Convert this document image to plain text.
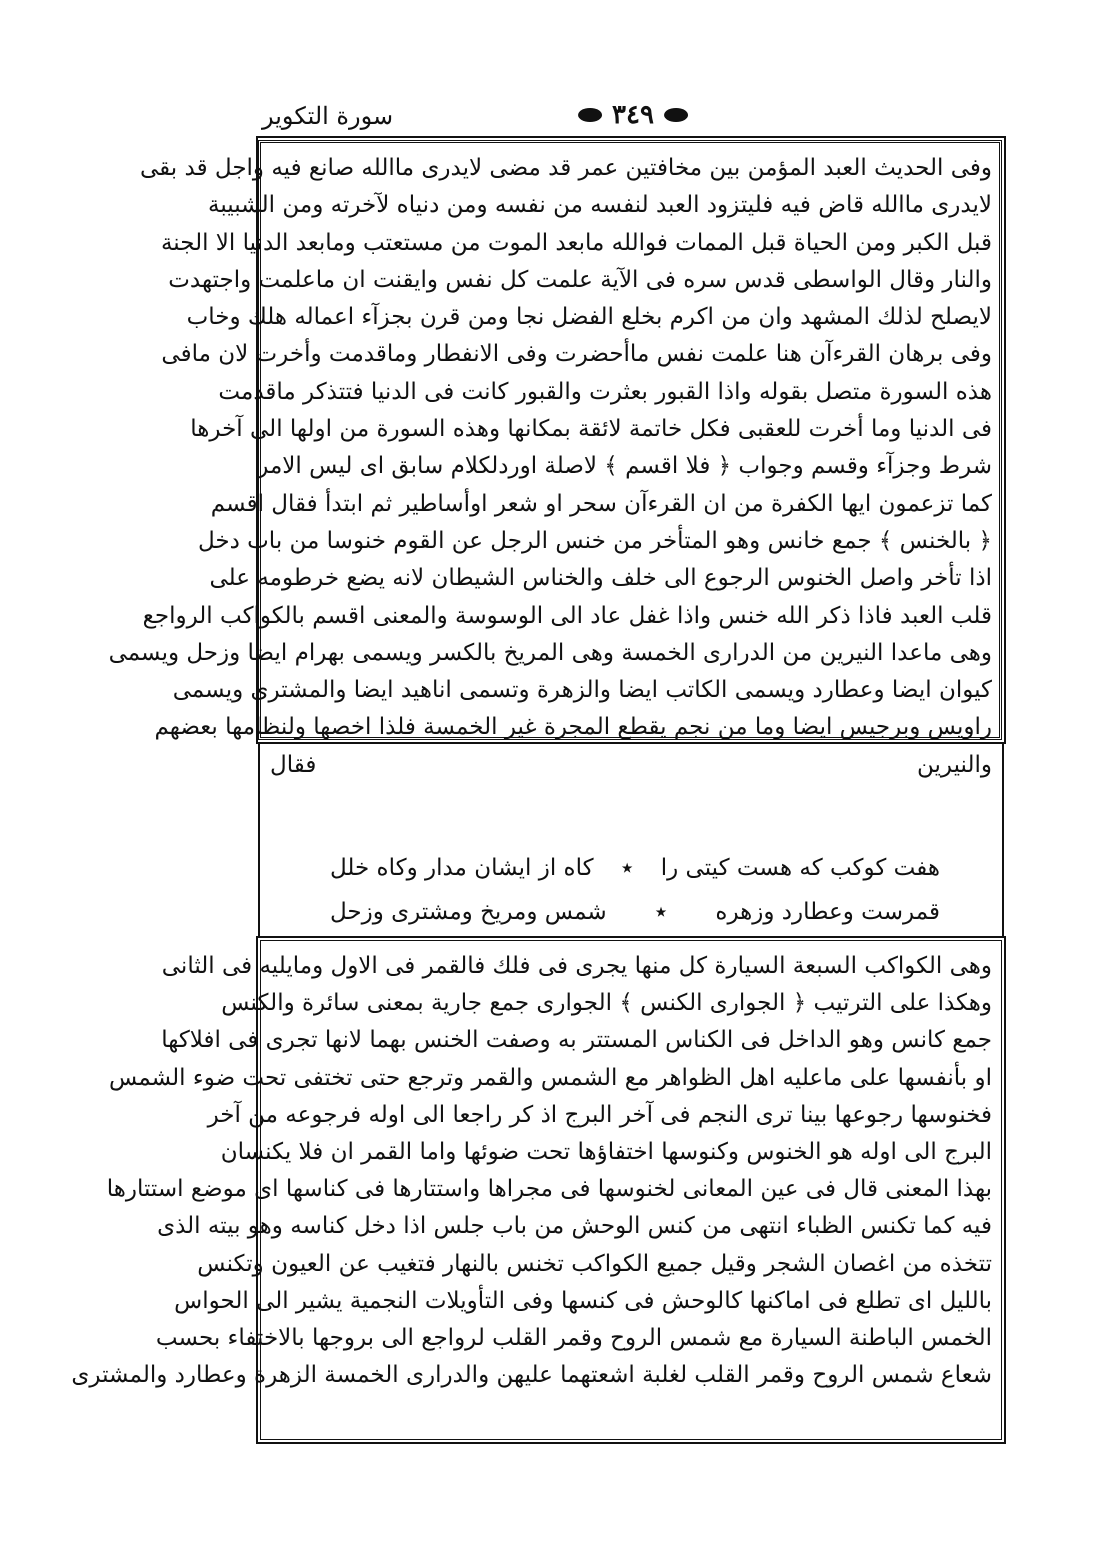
سورة التكوير	٣٤٩
وفى الحديث العبد المؤمن بين مخافتين عمر قد مضى لايدرى ماالله صانع فيه واجل قد بقى
لايدرى ماالله قاض فيه فليتزود العبد لنفسه من نفسه ومن دنياه لآخرته ومن الشبيبة
قبل الكبر ومن الحياة قبل الممات فوالله مابعد الموت من مستعتب ومابعد الدنيا الا الجنة
والنار وقال الواسطى قدس سره فى الآية علمت كل نفس وايقنت ان ماعلمت واجتهدت
لايصلح لذلك المشهد وان من اكرم بخلع الفضل نجا ومن قرن بجزآء اعماله هلك وخاب
وفى برهان القرءآن هنا علمت نفس ماأحضرت وفى الانفطار وماقدمت وأخرت لان مافى
هذه السورة متصل بقوله واذا القبور بعثرت والقبور كانت فى الدنيا فتتذكر ماقدمت
فى الدنيا وما أخرت للعقبى فكل خاتمة لائقة بمكانها وهذه السورة من اولها الى آخرها
شرط وجزآء وقسم وجواب ﴿ فلا اقسم ﴾ لاصلة اوردلكلام سابق اى ليس الامر
كما تزعمون ايها الكفرة من ان القرءآن سحر او شعر اوأساطير ثم ابتدأ فقال اقسم
﴿ بالخنس ﴾ جمع خانس وهو المتأخر من خنس الرجل عن القوم خنوسا من باب دخل
اذا تأخر واصل الخنوس الرجوع الى خلف والخناس الشيطان لانه يضع خرطومه على
قلب العبد فاذا ذكر الله خنس واذا غفل عاد الى الوسوسة والمعنى اقسم بالكواكب الرواجع
وهى ماعدا النيرين من الدرارى الخمسة وهى المريخ بالكسر ويسمى بهرام ايضا وزحل ويسمى
كيوان ايضا وعطارد ويسمى الكاتب ايضا والزهرة وتسمى اناهيد ايضا والمشترى ويسمى
راويس وبرجيس ايضا وما من نجم يقطع المجرة غير الخمسة فلذا اخصها ولنظامها بعضهم
والنيرين فقال
هفت كوكب كه هست كيتى را
٭
كاه از ايشان مدار وكاه خلل
قمرست وعطارد وزهره
٭
شمس ومريخ ومشترى وزحل
وهى الكواكب السبعة السيارة كل منها يجرى فى فلك فالقمر فى الاول ومايليه فى الثانى
وهكذا على الترتيب ﴿ الجوارى الكنس ﴾ الجوارى جمع جارية بمعنى سائرة والكنس
جمع كانس وهو الداخل فى الكناس المستتر به وصفت الخنس بهما لانها تجرى فى افلاكها
او بأنفسها على ماعليه اهل الظواهر مع الشمس والقمر وترجع حتى تختفى تحت ضوء الشمس
فخنوسها رجوعها بينا ترى النجم فى آخر البرج اذ كر راجعا الى اوله فرجوعه من آخر
البرج الى اوله هو الخنوس وكنوسها اختفاؤها تحت ضوئها واما القمر ان فلا يكنسان
بهذا المعنى قال فى عين المعانى لخنوسها فى مجراها واستتارها فى كناسها اى موضع استتارها
فيه كما تكنس الظباء انتهى من كنس الوحش من باب جلس اذا دخل كناسه وهو بيته الذى
تتخذه من اغصان الشجر وقيل جميع الكواكب تخنس بالنهار فتغيب عن العيون وتكنس
بالليل اى تطلع فى اماكنها كالوحش فى كنسها وفى التأويلات النجمية يشير الى الحواس
الخمس الباطنة السيارة مع شمس الروح وقمر القلب لرواجع الى بروجها بالاختفاء بحسب
شعاع شمس الروح وقمر القلب لغلبة اشعتهما عليهن والدرارى الخمسة الزهرة وعطارد والمشترى
